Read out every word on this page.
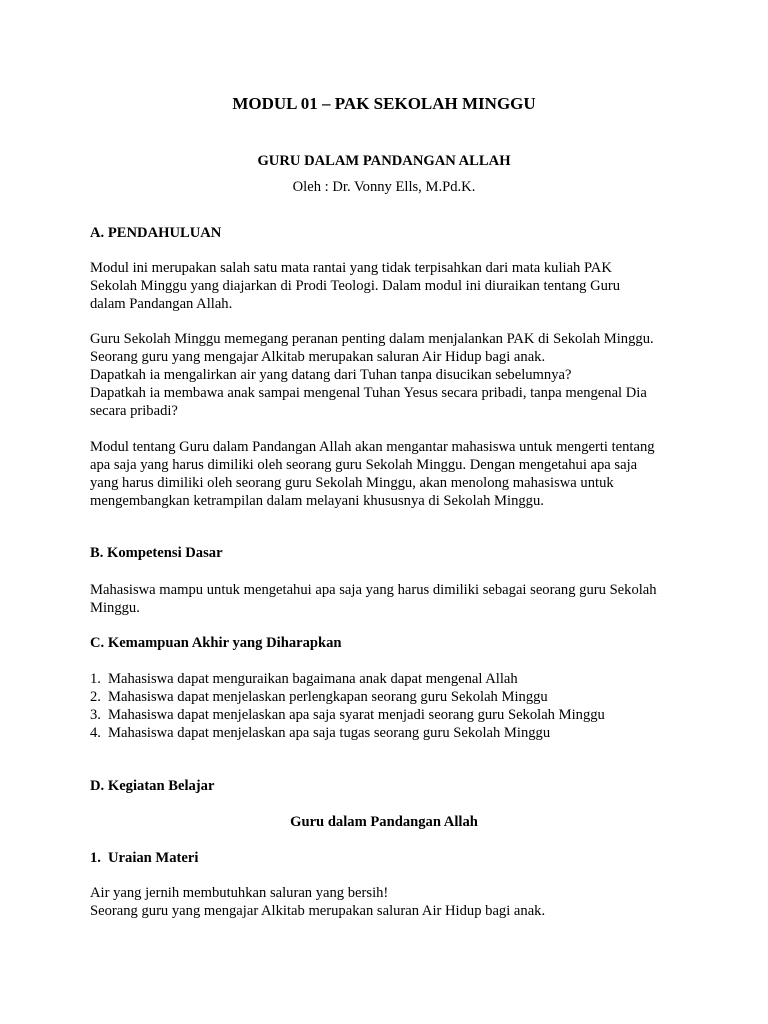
MODUL 01 – PAK SEKOLAH MINGGU
GURU DALAM PANDANGAN ALLAH
Oleh : Dr. Vonny Ells, M.Pd.K.
A. PENDAHULUAN
Modul ini merupakan salah satu mata rantai yang tidak terpisahkan dari mata kuliah PAK
Sekolah Minggu yang diajarkan di Prodi Teologi. Dalam modul ini diuraikan tentang Guru
dalam Pandangan Allah.
Guru Sekolah Minggu memegang peranan penting dalam menjalankan PAK di Sekolah Minggu.
Seorang guru yang mengajar Alkitab merupakan saluran Air Hidup bagi anak.
Dapatkah ia mengalirkan air yang datang dari Tuhan tanpa disucikan sebelumnya?
Dapatkah ia membawa anak sampai mengenal Tuhan Yesus secara pribadi, tanpa mengenal Dia
secara pribadi?
Modul tentang Guru dalam Pandangan Allah akan mengantar mahasiswa untuk mengerti tentang
apa saja yang harus dimiliki oleh seorang guru Sekolah Minggu. Dengan mengetahui apa saja
yang harus dimiliki oleh seorang guru Sekolah Minggu, akan menolong mahasiswa untuk
mengembangkan ketrampilan dalam melayani khususnya di Sekolah Minggu.
B. Kompetensi Dasar
Mahasiswa mampu untuk mengetahui apa saja yang harus dimiliki sebagai seorang guru Sekolah
Minggu.
C. Kemampuan Akhir yang Diharapkan
1. Mahasiswa dapat menguraikan bagaimana anak dapat mengenal Allah
2. Mahasiswa dapat menjelaskan perlengkapan seorang guru Sekolah Minggu
3. Mahasiswa dapat menjelaskan apa saja syarat menjadi seorang guru Sekolah Minggu
4. Mahasiswa dapat menjelaskan apa saja tugas seorang guru Sekolah Minggu
D. Kegiatan Belajar
Guru dalam Pandangan Allah
1. Uraian Materi
Air yang jernih membutuhkan saluran yang bersih!
Seorang guru yang mengajar Alkitab merupakan saluran Air Hidup bagi anak.
